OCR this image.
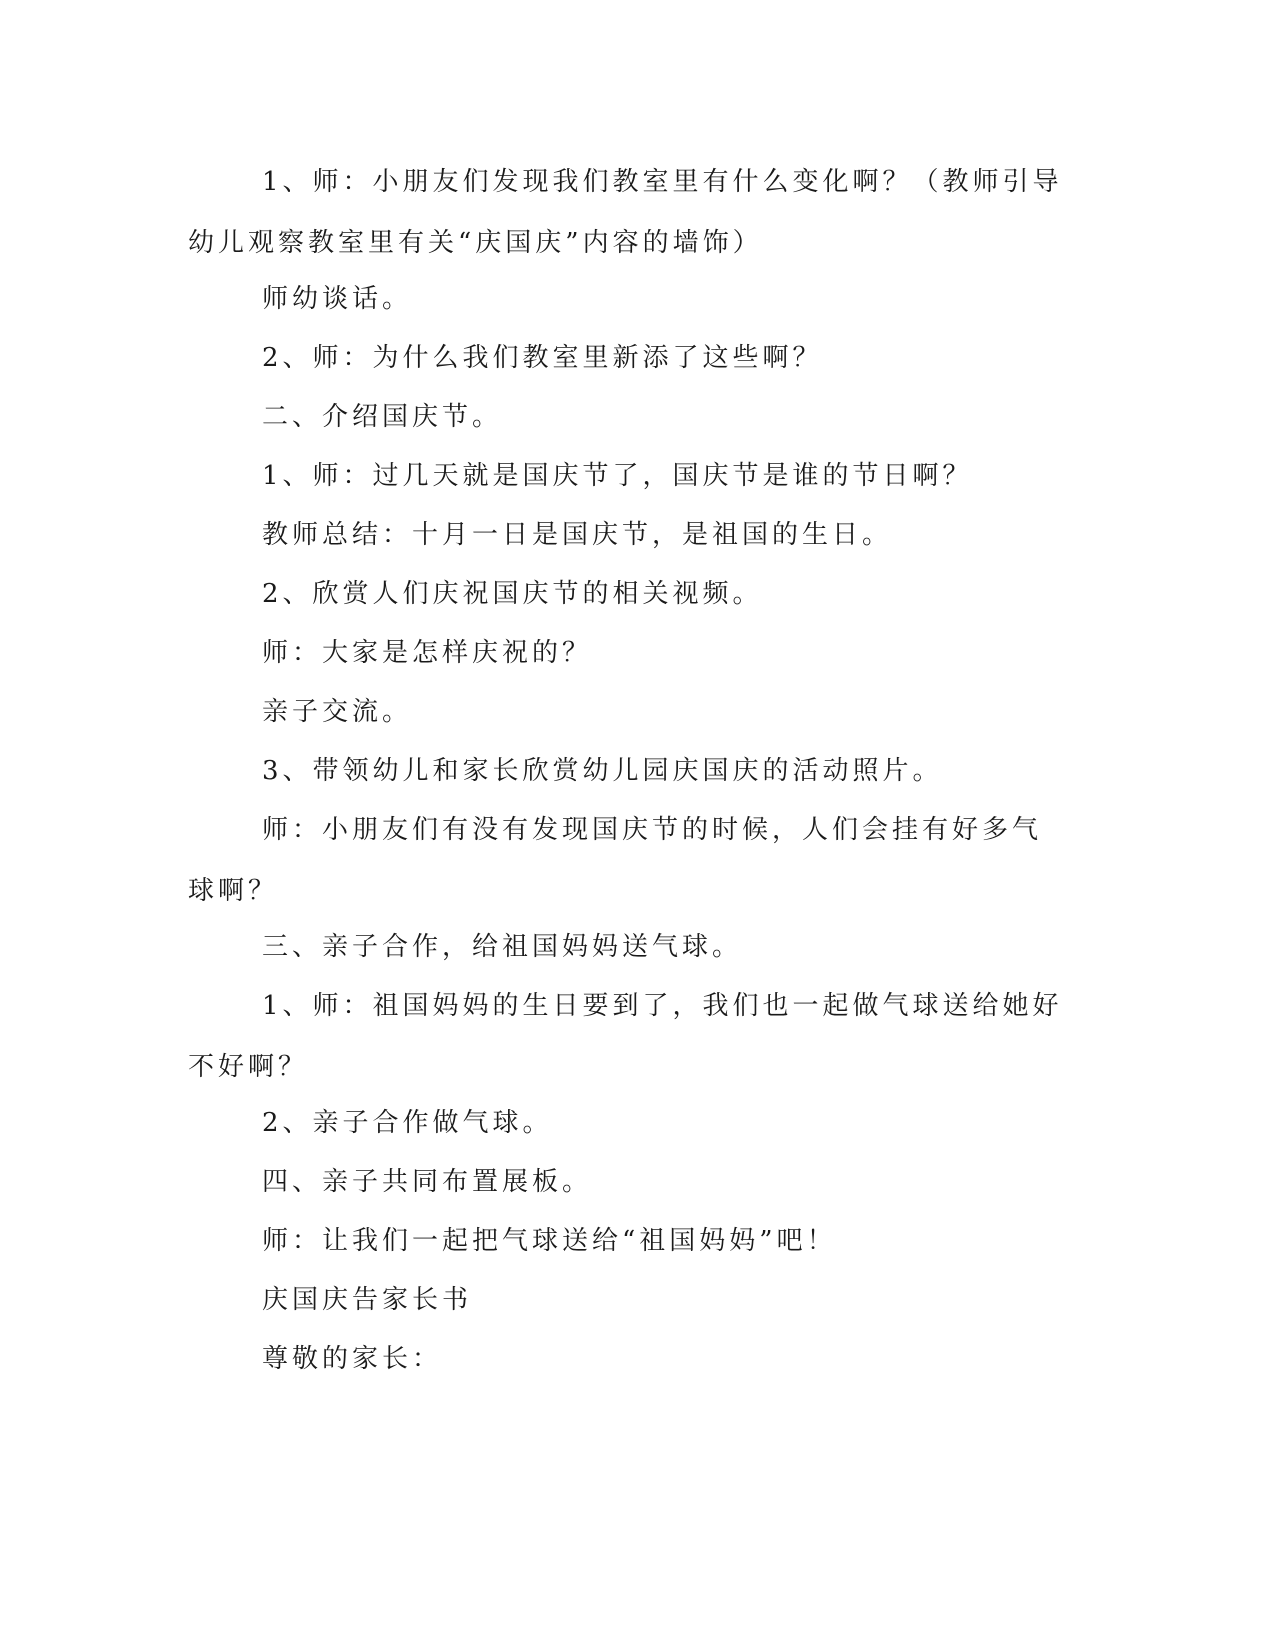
1、师：小朋友们发现我们教室里有什么变化啊？（教师引导幼儿观察教室里有关“庆国庆”内容的墙饰）

师幼谈话。

2、师：为什么我们教室里新添了这些啊？

二、介绍国庆节。

1、师：过几天就是国庆节了，国庆节是谁的节日啊？

教师总结：十月一日是国庆节，是祖国的生日。

2、欣赏人们庆祝国庆节的相关视频。

师：大家是怎样庆祝的？

亲子交流。

3、带领幼儿和家长欣赏幼儿园庆国庆的活动照片。

师：小朋友们有没有发现国庆节的时候，人们会挂有好多气球啊？

三、亲子合作，给祖国妈妈送气球。

1、师：祖国妈妈的生日要到了，我们也一起做气球送给她好不好啊？

2、亲子合作做气球。

四、亲子共同布置展板。

师：让我们一起把气球送给“祖国妈妈”吧！

庆国庆告家长书

尊敬的家长：
